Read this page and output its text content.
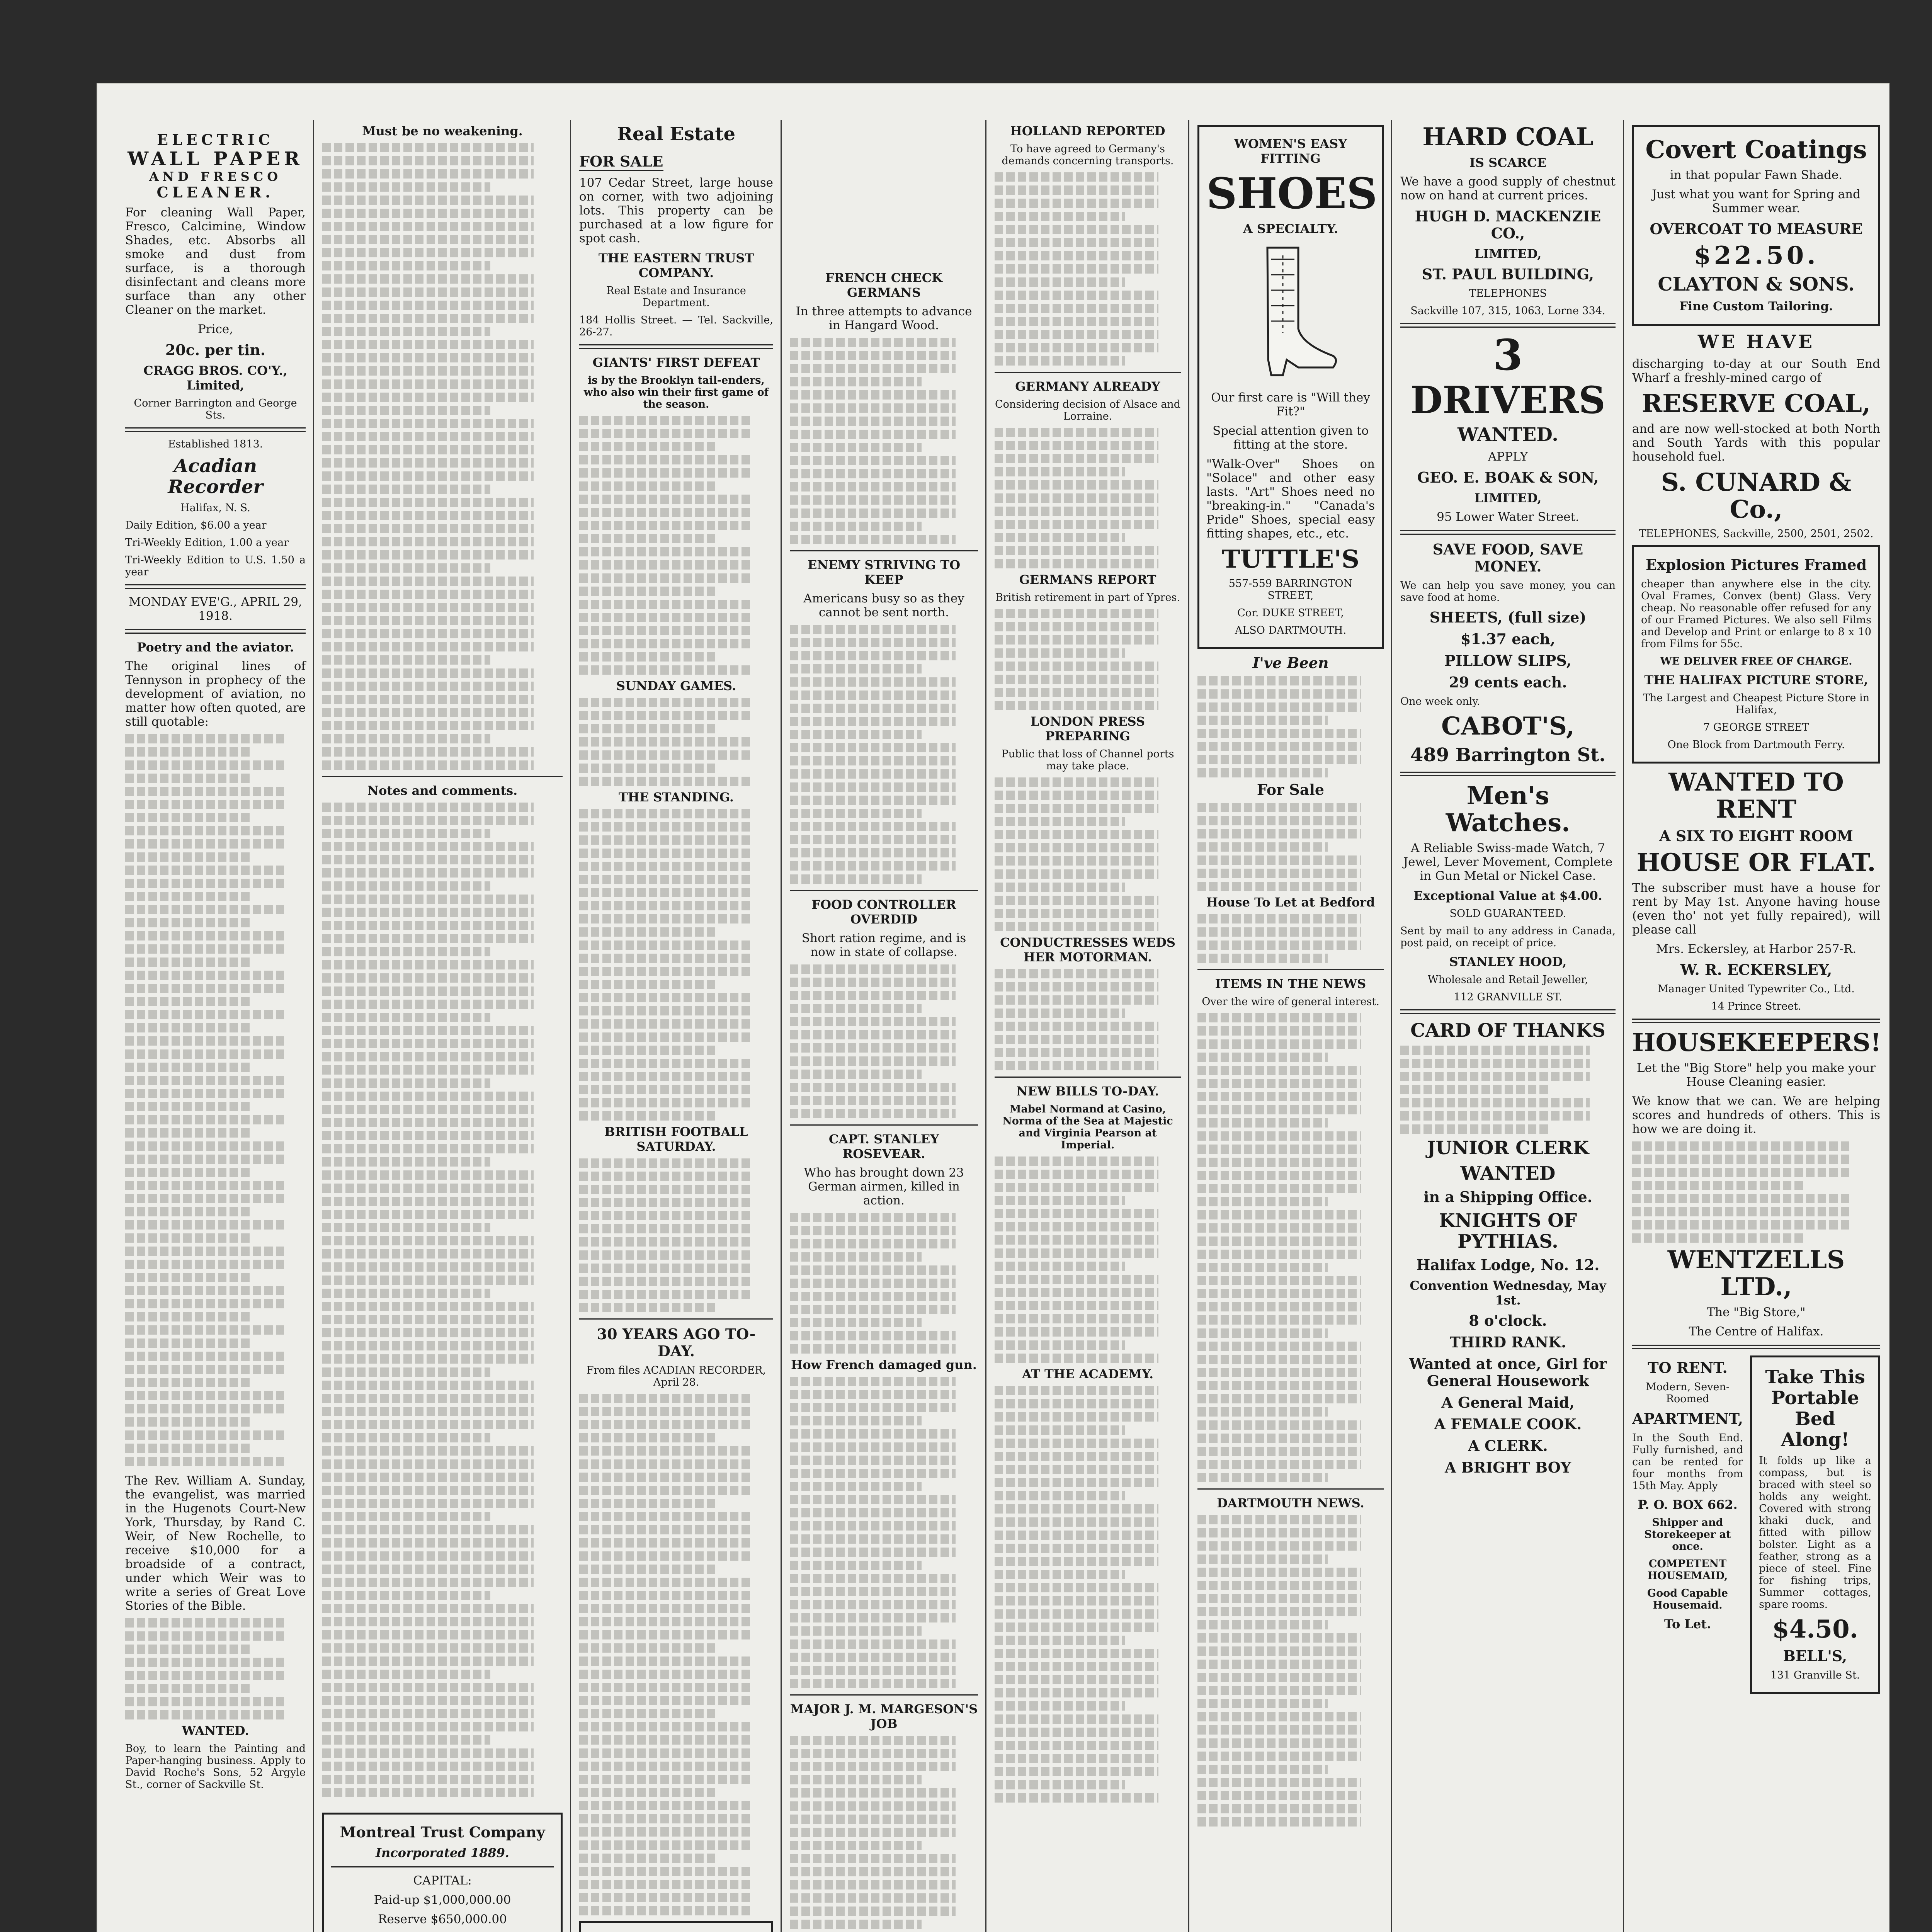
ELECTRIC
WALL PAPER
AND FRESCO
CLEANER.

For cleaning Wall Paper, Fresco, Calcimine, Window Shades, etc. Absorbs all smoke and dust from surface, is a thorough disinfectant and cleans more surface than any other Cleaner on the market.

Price,

20c. per tin.
CRAGG BROS. CO'Y., Limited,

Corner Barrington and George Sts.

Established 1813.

Acadian Recorder

Halifax, N. S.

Daily Edition, $6.00 a year

Tri-Weekly Edition, 1.00 a year

Tri-Weekly Edition to U.S. 1.50 a year

MONDAY EVE'G., APRIL 29, 1918.

Poetry and the aviator.

The original lines of Tennyson in prophecy of the development of aviation, no matter how often quoted, are still quotable:

The Rev. William A. Sunday, the evangelist, was married in the Hugenots Court-New York, Thursday, by Rand C. Weir, of New Rochelle, to receive $10,000 for a broadside of a contract, under which Weir was to write a series of Great Love Stories of the Bible.

WANTED.

Boy, to learn the Painting and Paper-hanging business. Apply to David Roche's Sons, 52 Argyle St., corner of Sackville St.

Must be no weakening.
Notes and comments.
Montreal Trust Company
Incorporated 1889.

CAPITAL:

Paid-up $1,000,000.00

Reserve $650,000.00

Real Estate
FOR SALE

107 Cedar Street, large house on corner, with two adjoining lots. This property can be purchased at a low figure for spot cash.

THE EASTERN TRUST COMPANY.

Real Estate and Insurance Department.

184 Hollis Street. — Tel. Sackville, 26-27.

GIANTS' FIRST DEFEAT

is by the Brooklyn tail-enders, who also win their first game of the season.

SUNDAY GAMES.
THE STANDING.
BRITISH FOOTBALL SATURDAY.
30 YEARS AGO TO-DAY.

From files ACADIAN RECORDER, April 28.

FRENCH CHECK GERMANS

In three attempts to advance in Hangard Wood.

ENEMY STRIVING TO KEEP

Americans busy so as they cannot be sent north.

FOOD CONTROLLER OVERDID

Short ration regime, and is now in state of collapse.

CAPT. STANLEY ROSEVEAR.

Who has brought down 23 German airmen, killed in action.

How French damaged gun.
MAJOR J. M. MARGESON'S JOB

HOLLAND REPORTED

To have agreed to Germany's demands concerning transports.

GERMANY ALREADY

Considering decision of Alsace and Lorraine.

GERMANS REPORT

British retirement in part of Ypres.

LONDON PRESS PREPARING

Public that loss of Channel ports may take place.

CONDUCTRESSES WEDS HER MOTORMAN.
NEW BILLS TO-DAY.

Mabel Normand at Casino, Norma of the Sea at Majestic and Virginia Pearson at Imperial.

AT THE ACADEMY.
WOMEN'S EASY FITTING
SHOES
A SPECIALTY.

Our first care is "Will they Fit?"

Special attention given to fitting at the store.

"Walk-Over" Shoes on "Solace" and other easy lasts. "Art" Shoes need no "breaking-in." "Canada's Pride" Shoes, special easy fitting shapes, etc., etc.

TUTTLE'S

557-559 BARRINGTON STREET,

Cor. DUKE STREET,

ALSO DARTMOUTH.

I've Been
For Sale
House To Let at Bedford
ITEMS IN THE NEWS

Over the wire of general interest.

DARTMOUTH NEWS.
HARD COAL
IS SCARCE

We have a good supply of chestnut now on hand at current prices.

HUGH D. MACKENZIE CO.,
LIMITED,
ST. PAUL BUILDING,

TELEPHONES

Sackville 107, 315, 1063, Lorne 334.

3
DRIVERS
WANTED.

APPLY

GEO. E. BOAK & SON,
LIMITED,

95 Lower Water Street.

SAVE FOOD, SAVE MONEY.

We can help you save money, you can save food at home.

SHEETS, (full size)
$1.37 each,
PILLOW SLIPS,
29 cents each.

One week only.

CABOT'S,
489 Barrington St.
Men's Watches.

A Reliable Swiss-made Watch, 7 Jewel, Lever Movement, Complete in Gun Metal or Nickel Case.

Exceptional Value at $4.00.

SOLD GUARANTEED.

Sent by mail to any address in Canada, post paid, on receipt of price.

STANLEY HOOD,

Wholesale and Retail Jeweller,

112 GRANVILLE ST.

CARD OF THANKS
JUNIOR CLERK
WANTED
in a Shipping Office.
KNIGHTS OF PYTHIAS.
Halifax Lodge, No. 12.
Convention Wednesday, May 1st.
8 o'clock.
THIRD RANK.
Wanted at once, Girl for General Housework
A General Maid,
A FEMALE COOK.
A CLERK.
A BRIGHT BOY
Covert Coatings

in that popular Fawn Shade.

Just what you want for Spring and Summer wear.

OVERCOAT TO MEASURE
$22.50.
CLAYTON & SONS.

Fine Custom Tailoring.

WE HAVE

discharging to-day at our South End Wharf a freshly-mined cargo of

RESERVE COAL,

and are now well-stocked at both North and South Yards with this popular household fuel.

S. CUNARD & Co.,

TELEPHONES, Sackville, 2500, 2501, 2502.

Explosion Pictures Framed

cheaper than anywhere else in the city. Oval Frames, Convex (bent) Glass. Very cheap. No reasonable offer refused for any of our Framed Pictures. We also sell Films and Develop and Print or enlarge to 8 x 10 from Films for 55c.

WE DELIVER FREE OF CHARGE.

THE HALIFAX PICTURE STORE,

The Largest and Cheapest Picture Store in Halifax,

7 GEORGE STREET

One Block from Dartmouth Ferry.

WANTED TO RENT
A SIX TO EIGHT ROOM
HOUSE OR FLAT.

The subscriber must have a house for rent by May 1st. Anyone having house (even tho' not yet fully repaired), will please call

Mrs. Eckersley, at Harbor 257-R.

W. R. ECKERSLEY,

Manager United Typewriter Co., Ltd.

14 Prince Street.

HOUSEKEEPERS!

Let the "Big Store" help you make your House Cleaning easier.

We know that we can. We are helping scores and hundreds of others. This is how we are doing it.

WENTZELLS LTD.,

The "Big Store,"

The Centre of Halifax.

TO RENT.

Modern, Seven-Roomed

APARTMENT,

In the South End. Fully furnished, and can be rented for four months from 15th May. Apply

P. O. BOX 662.

Shipper and Storekeeper at once.

COMPETENT HOUSEMAID,

Good Capable Housemaid.

To Let.
Take This Portable Bed Along!

It folds up like a compass, but is braced with steel so holds any weight. Covered with strong khaki duck, and fitted with pillow bolster. Light as a feather, strong as a piece of steel. Fine for fishing trips, Summer cottages, spare rooms.

$4.50.
BELL'S,

131 Granville St.
